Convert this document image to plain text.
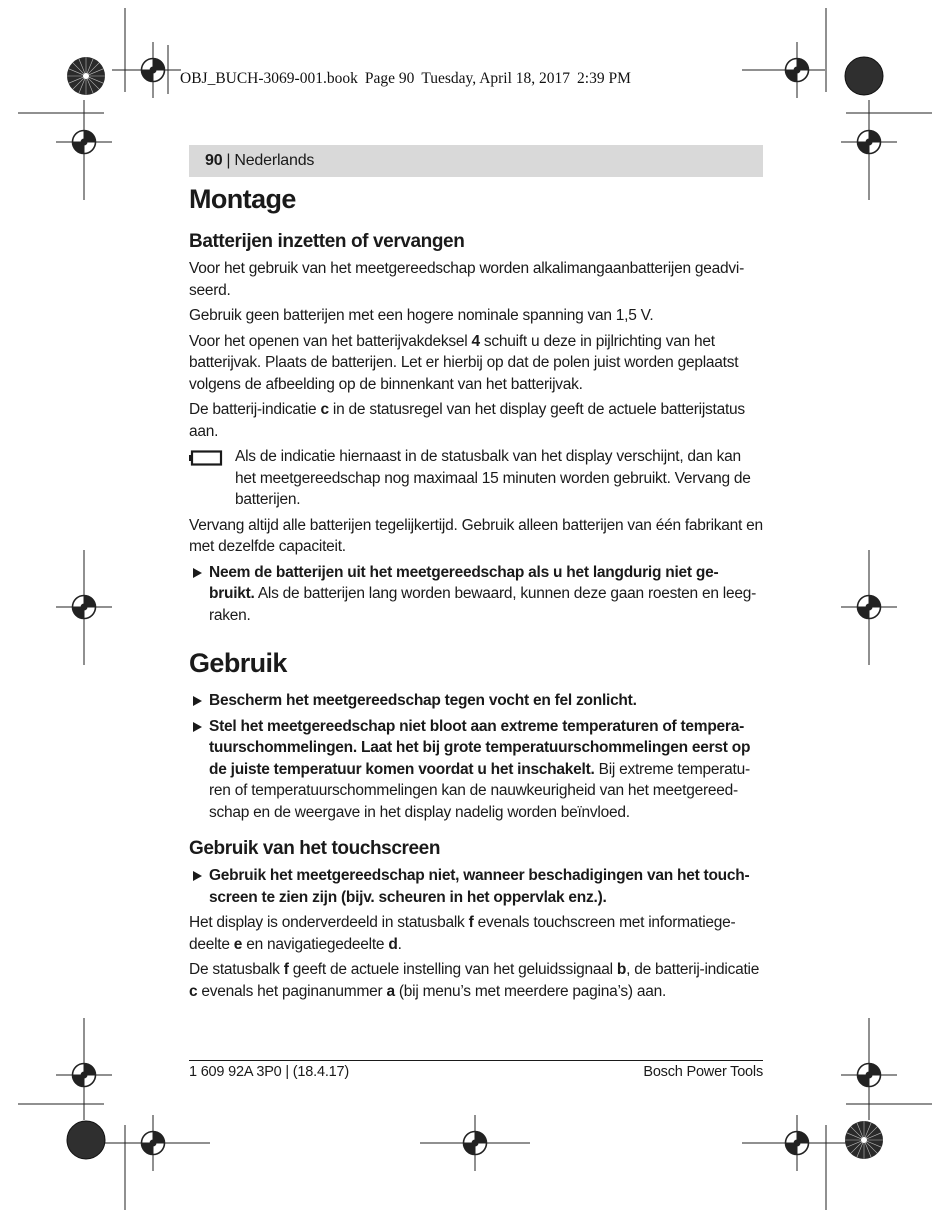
OBJ_BUCH-3069-001.book Page 90 Tuesday, April 18, 2017 2:39 PM
90 | Nederlands
Montage
Batterijen inzetten of vervangen

Voor het gebruik van het meetgereedschap worden alkalimangaanbatterijen geadvi-seerd.

Gebruik geen batterijen met een hogere nominale spanning van 1,5 V.

Voor het openen van het batterijvakdeksel 4 schuift u deze in pijlrichting van het batterijvak. Plaats de batterijen. Let er hierbij op dat de polen juist worden geplaatst volgens de afbeelding op de binnenkant van het batterijvak.

De batterij-indicatie c in de statusregel van het display geeft de actuele batterijstatus aan.

Als de indicatie hiernaast in de statusbalk van het display verschijnt, dan kan het meetgereedschap nog maximaal 15 minuten worden gebruikt. Vervang de batterijen.

Vervang altijd alle batterijen tegelijkertijd. Gebruik alleen batterijen van één fabrikant en met dezelfde capaciteit.

Neem de batterijen uit het meetgereedschap als u het langdurig niet ge-bruikt. Als de batterijen lang worden bewaard, kunnen deze gaan roesten en leeg-raken.
Gebruik
Bescherm het meetgereedschap tegen vocht en fel zonlicht.
Stel het meetgereedschap niet bloot aan extreme temperaturen of tempera-tuurschommelingen. Laat het bij grote temperatuurschommelingen eerst op de juiste temperatuur komen voordat u het inschakelt. Bij extreme temperatu-ren of temperatuurschommelingen kan de nauwkeurigheid van het meetgereed-schap en de weergave in het display nadelig worden beïnvloed.
Gebruik van het touchscreen
Gebruik het meetgereedschap niet, wanneer beschadigingen van het touch-screen te zien zijn (bijv. scheuren in het oppervlak enz.).

Het display is onderverdeeld in statusbalk f evenals touchscreen met informatiege-deelte e en navigatiegedeelte d.

De statusbalk f geeft de actuele instelling van het geluidssignaal b, de batterij-indicatie c evenals het paginanummer a (bij menu’s met meerdere pagina’s) aan.

1 609 92A 3P0 | (18.4.17)	Bosch Power Tools
